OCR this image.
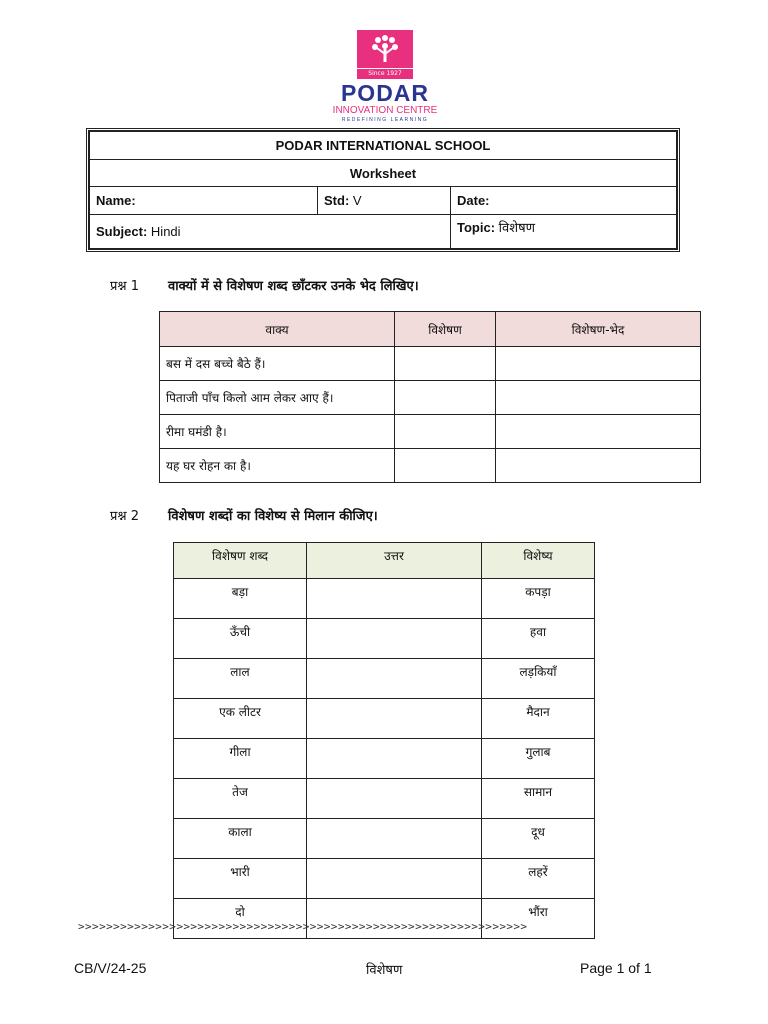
Since 1927
PODAR
INNOVATION CENTRE
REDEFINING LEARNING
PODAR INTERNATIONAL SCHOOL		
Worksheet		
Name:	Std: V	Date:
Subject: Hindi		Topic: विशेषण
प्रश्न 1 वाक्यों में से विशेषण शब्द छाँटकर उनके भेद लिखिए।
वाक्य	विशेषण	विशेषण-भेद
बस में दस बच्चे बैठे हैं।		
पिताजी पाँच किलो आम लेकर आए हैं।		
रीमा घमंडी है।		
यह घर रोहन का है।		
प्रश्न 2 विशेषण शब्दों का विशेष्य से मिलान कीजिए।
विशेषण शब्द	उत्तर	विशेष्य
बड़ा		कपड़ा
ऊँची		हवा
लाल		लड़कियाँ
एक लीटर		मैदान
गीला		गुलाब
तेज		सामान
काला		दूध
भारी		लहरें
दो		भौंरा
>>>>>>>>>>>>>>>>>>>>>>>>>>>>>>>>>>>>>>>>>>>>>>>>>>>>>>>>>>>>>>>>
CB/V/24-25	विशेषण	Page 1 of 1
